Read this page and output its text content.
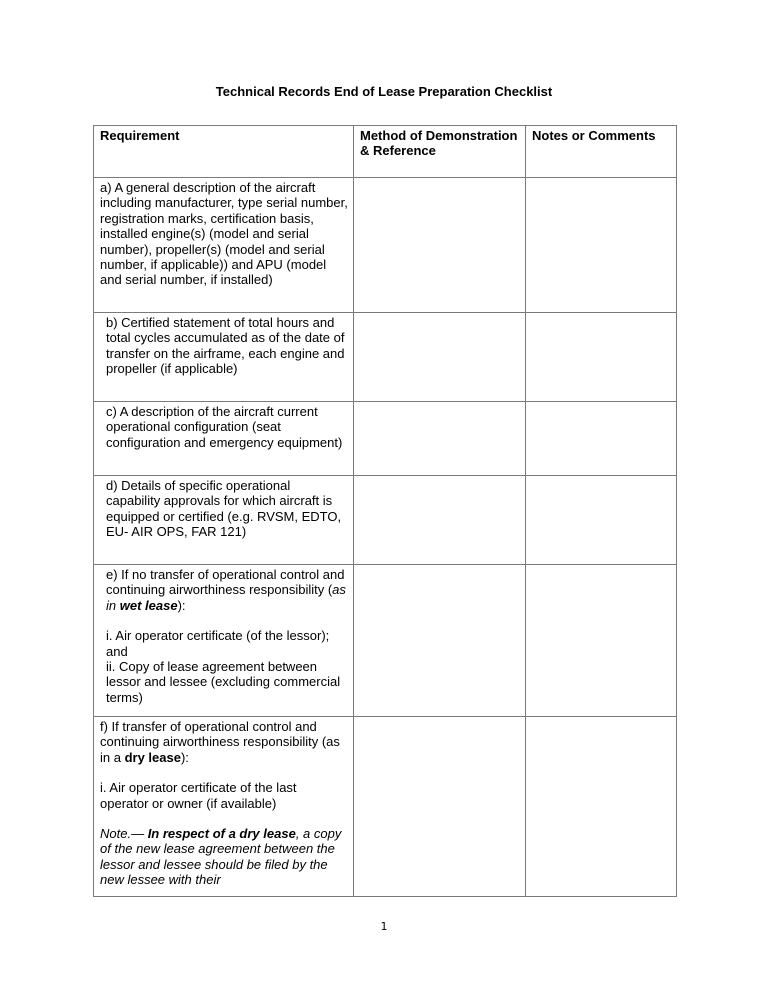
Technical Records End of Lease Preparation Checklist
Requirement	Method of Demonstration & Reference	Notes or Comments

a) A general description of the aircraft including manufacturer, type serial number, registration marks, certification basis, installed engine(s) (model and serial number), propeller(s) (model and serial number, if applicable)) and APU (model and serial number, if installed)		

b) Certified statement of total hours and total cycles accumulated as of the date of transfer on the airframe, each engine and propeller (if applicable)		

c) A description of the aircraft current operational configuration (seat configuration and emergency equipment)		

d) Details of specific operational capability approvals for which aircraft is equipped or certified (e.g. RVSM, EDTO, EU- AIR OPS, FAR 121)		

e) If no transfer of operational control and continuing airworthiness responsibility (as in wet lease):

i. Air operator certificate (of the lessor); and

ii. Copy of lease agreement between lessor and lessee (excluding commercial terms)		

f) If transfer of operational control and continuing airworthiness responsibility (as in a dry lease):

i. Air operator certificate of the last operator or owner (if available)

Note.— In respect of a dry lease, a copy of the new lease agreement between the lessor and lessee should be filed by the new lessee with their		

1
